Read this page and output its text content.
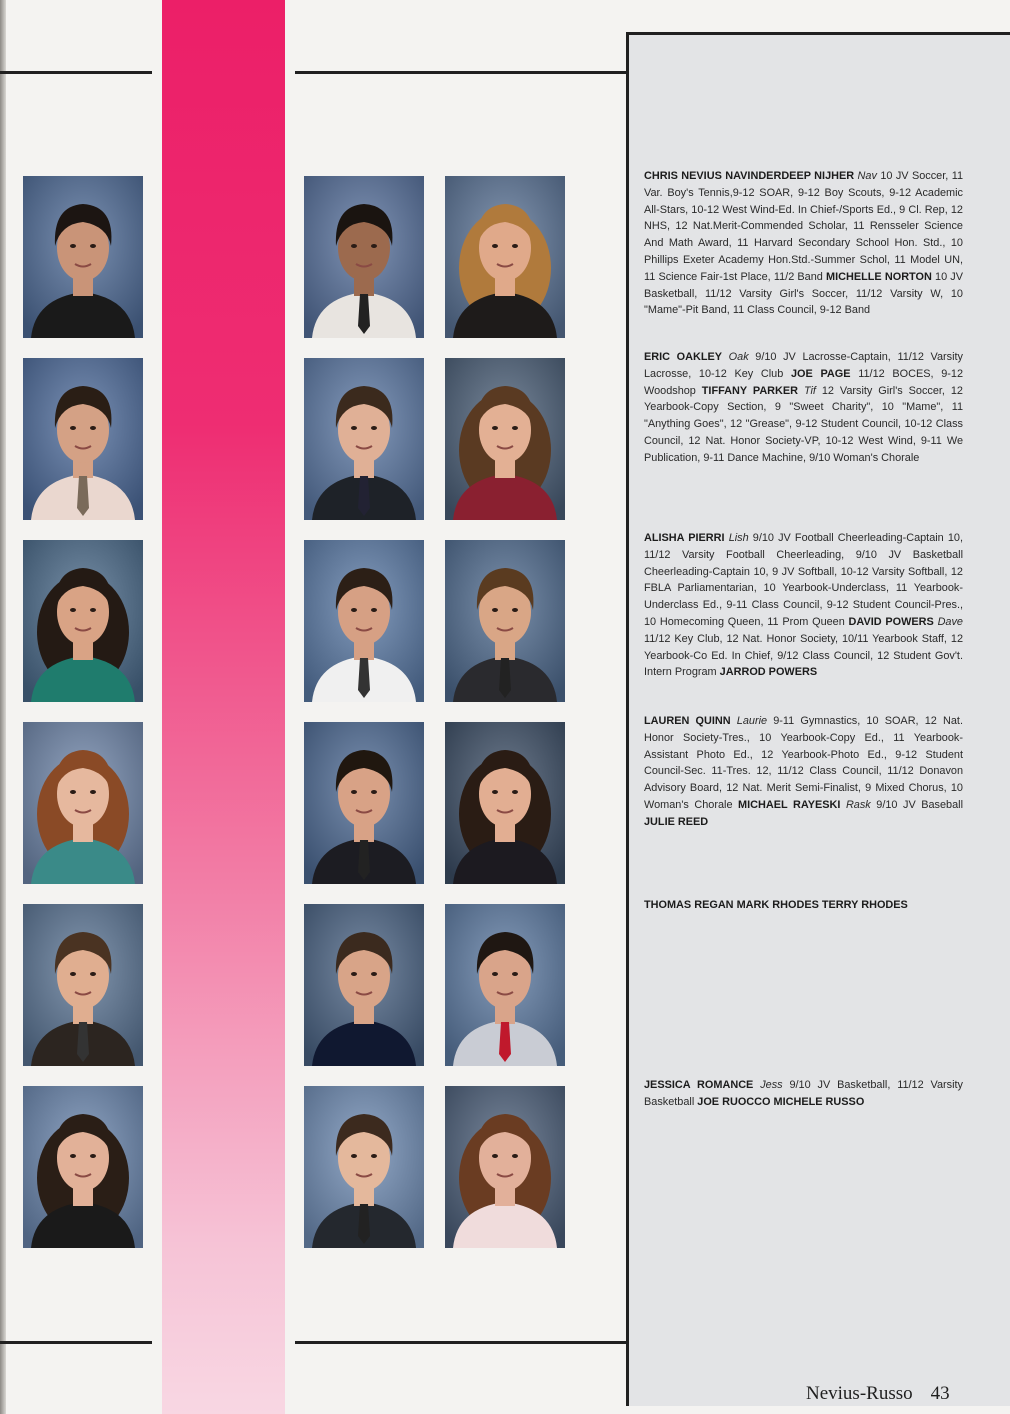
CHRIS NEVIUS NAVINDERDEEP NIJHER Nav 10 JV Soccer, 11 Var. Boy's Tennis,9-12 SOAR, 9-12 Boy Scouts, 9-12 Academic All-Stars, 10-12 West Wind-Ed. In Chief-/Sports Ed., 9 Cl. Rep, 12 NHS, 12 Nat.Merit-Commended Scholar, 11 Rensseler Science And Math Award, 11 Harvard Secondary School Hon. Std., 10 Phillips Exeter Academy Hon.Std.-Summer Schol, 11 Model UN, 11 Science Fair-1st Place, 11/2 Band MICHELLE NORTON 10 JV Basketball, 11/12 Varsity Girl's Soccer, 11/12 Varsity W, 10 "Mame"-Pit Band, 11 Class Council, 9-12 Band

ERIC OAKLEY Oak 9/10 JV Lacrosse-Captain, 11/12 Varsity Lacrosse, 10-12 Key Club JOE PAGE 11/12 BOCES, 9-12 Woodshop TIFFANY PARKER Tif 12 Varsity Girl's Soccer, 12 Yearbook-Copy Section, 9 "Sweet Charity", 10 "Mame", 11 "Anything Goes", 12 "Grease", 9-12 Student Council, 10-12 Class Council, 12 Nat. Honor Society-VP, 10-12 West Wind, 9-11 We Publication, 9-11 Dance Machine, 9/10 Woman's Chorale

ALISHA PIERRI Lish 9/10 JV Football Cheerleading-Captain 10, 11/12 Varsity Football Cheerleading, 9/10 JV Basketball Cheerleading-Captain 10, 9 JV Softball, 10-12 Varsity Softball, 12 FBLA Parliamentarian, 10 Yearbook-Underclass, 11 Yearbook-Underclass Ed., 9-11 Class Council, 9-12 Student Council-Pres., 10 Homecoming Queen, 11 Prom Queen DAVID POWERS Dave 11/12 Key Club, 12 Nat. Honor Society, 10/11 Yearbook Staff, 12 Yearbook-Co Ed. In Chief, 9/12 Class Council, 12 Student Gov't. Intern Program JARROD POWERS

LAUREN QUINN Laurie 9-11 Gymnastics, 10 SOAR, 12 Nat. Honor Society-Tres., 10 Yearbook-Copy Ed., 11 Yearbook-Assistant Photo Ed., 12 Yearbook-Photo Ed., 9-12 Student Council-Sec. 11-Tres. 12, 11/12 Class Council, 11/12 Donavon Advisory Board, 12 Nat. Merit Semi-Finalist, 9 Mixed Chorus, 10 Woman's Chorale MICHAEL RAYESKI Rask 9/10 JV Baseball JULIE REED

THOMAS REGAN MARK RHODES TERRY RHODES

JESSICA ROMANCE Jess 9/10 JV Basketball, 11/12 Varsity Basketball JOE RUOCCO MICHELE RUSSO

Nevius-Russo 43
